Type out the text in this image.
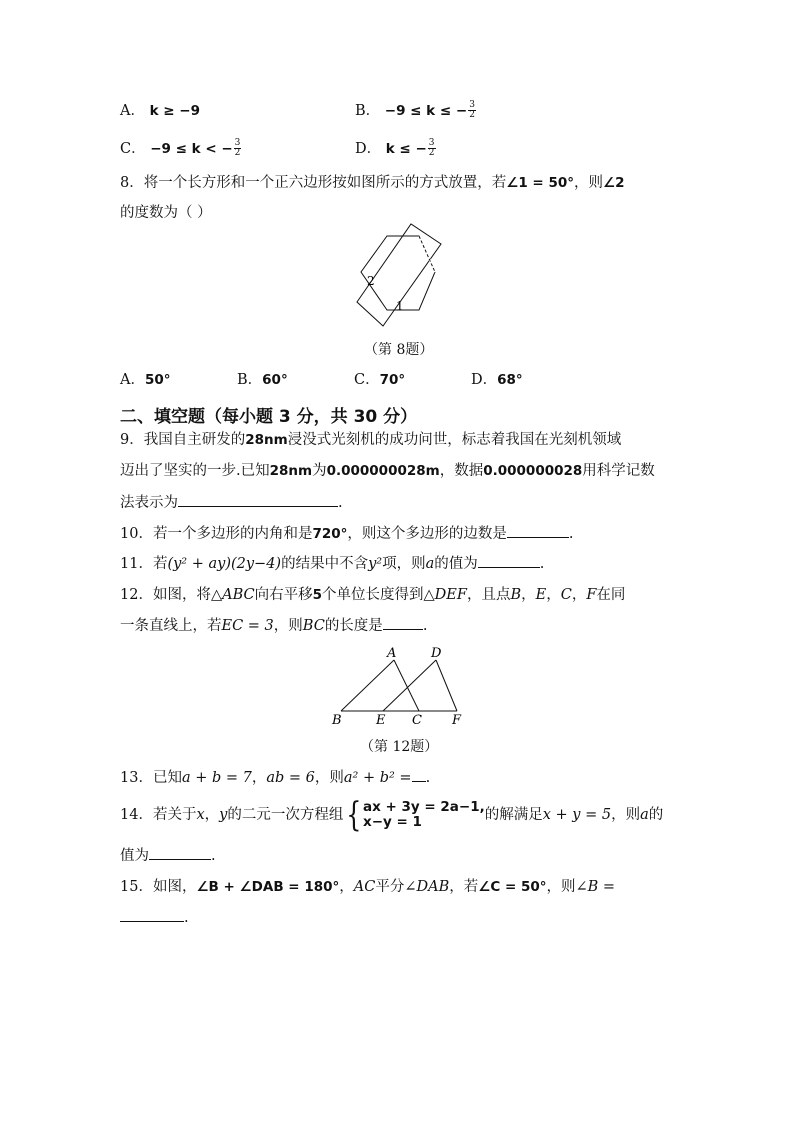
A． k ≥ −9	B． −9 ≤ k ≤ − $\frac{3}{2}$
C． −9 ≤ k < − $\frac{3}{2}$	D． k ≤ − $\frac{3}{2}$
8．将一个长方形和一个正六边形按如图所示的方式放置，若∠1 = 50°，则∠2
的度数为（ ）
2
1
（第 8题）
A．50°	B．60°	C．70°	D．68°
二、填空题（每小题 3 分，共 30 分）
9．我国自主研发的28nm浸没式光刻机的成功问世，标志着我国在光刻机领域
迈出了坚实的一步.已知28nm为0.000000028m，数据0.000000028用科学记数
法表示为	.
10．若一个多边形的内角和是720°，则这个多边形的边数是	.
11．若(y² + ay)(2y−4)的结果中不含y²项，则a的值为	.
12．如图，将△ABC向右平移5个单位长度得到△DEF，且点B，E，C，F在同
一条直线上，若EC = 3，则BC的长度是	.
A	D
B	E C F
（第 12题）
13．已知a + b = 7，ab = 6，则a² + b² = .
14．若关于x，y的二元一次方程组 { ax + 3y = 2a−1,
x−y = 1	的解满足x + y = 5，则a的
值为	.
15．如图，∠B + ∠DAB = 180°，AC平分∠DAB，若∠C = 50°，则∠B =
.
